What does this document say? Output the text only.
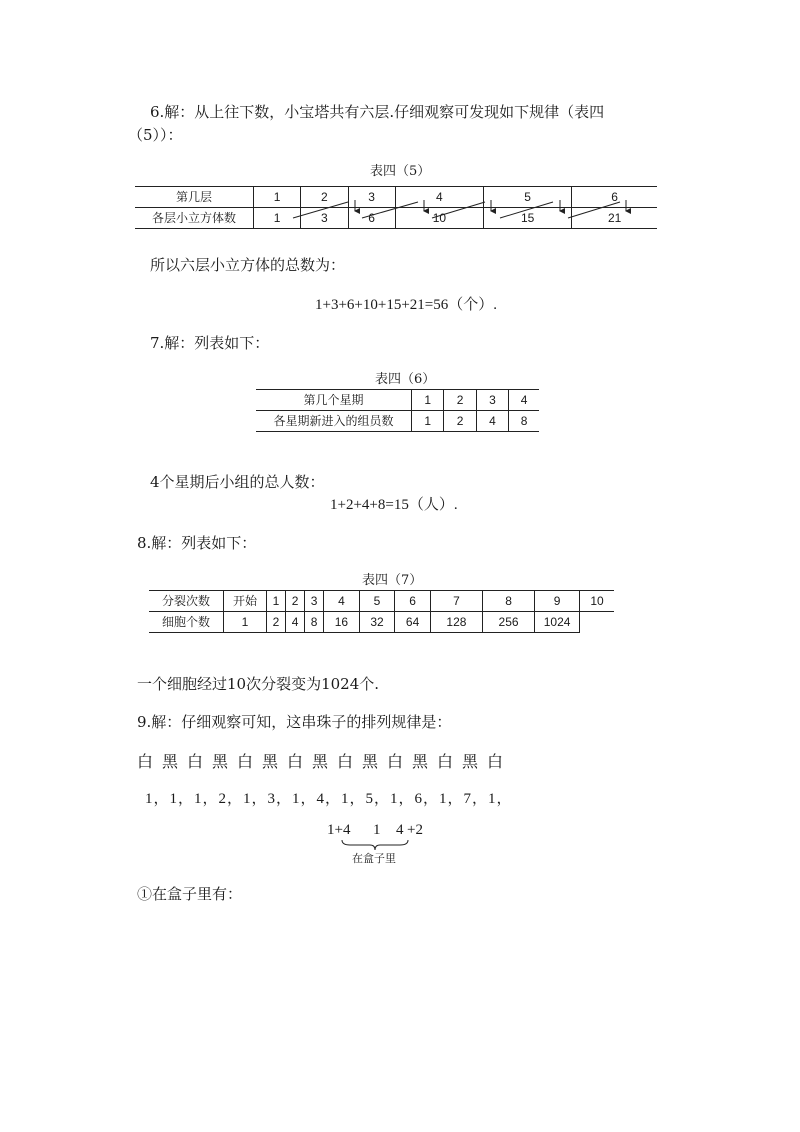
6.解：从上往下数，小宝塔共有六层.仔细观察可发现如下规律（表四
（5））：
表四（5）
第几层	1	2	3	4	5	6
各层小立方体数	1	3	6	10	15	21
所以六层小立方体的总数为：
1+3+6+10+15+21=56（个）.
7.解：列表如下：
表四（6）
第几个星期	1	2	3	4
各星期新进入的组员数	1	2	4	8
4个星期后小组的总人数：
1+2+4+8=15（人）.
8.解：列表如下：
表四（7）
分裂次数	开始	1	2	3	4	5	6	7	8	9	10
细胞个数	1	2	4	8	16	32	64	128	256	1024	
一个细胞经过10次分裂变为1024个.
9.解：仔细观察可知，这串珠子的排列规律是：
白黑白黑白黑白黑白黑白黑白黑白
1，1，1，2，1，3，1，4，1，5，1，6，1，7，1，
1+4 1 4 +2
在盒子里
①在盒子里有：
